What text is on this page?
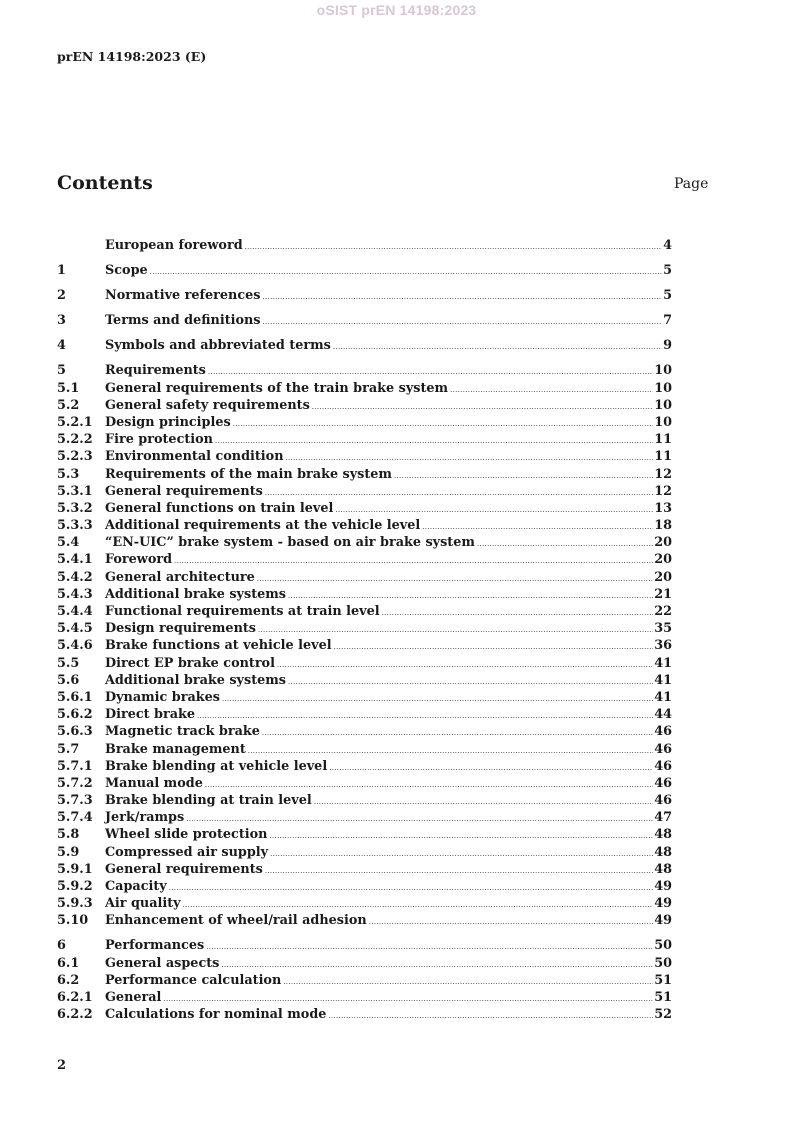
oSIST prEN 14198:2023
prEN 14198:2023 (E)
Contents	Page
European foreword .....	4
1	Scope .....	5
2	Normative references .....	5
3	Terms and definitions .....	7
4	Symbols and abbreviated terms .....	9
5	Requirements .....	10
5.1	General requirements of the train brake system .....	10
5.2	General safety requirements .....	10
5.2.1 Design principles .....	10
5.2.2 Fire protection .....	11
5.2.3 Environmental condition .....	11
5.3	Requirements of the main brake system .....	12
5.3.1 General requirements .....	12
5.3.2 General functions on train level .....	13
5.3.3 Additional requirements at the vehicle level .....	18
5.4	“EN-UIC” brake system - based on air brake system .....	20
5.4.1 Foreword .....	20
5.4.2 General architecture .....	20
5.4.3 Additional brake systems .....	21
5.4.4 Functional requirements at train level .....	22
5.4.5 Design requirements .....	35
5.4.6 Brake functions at vehicle level .....	36
5.5	Direct EP brake control .....	41
5.6	Additional brake systems .....	41
5.6.1 Dynamic brakes .....	41
5.6.2 Direct brake .....	44
5.6.3 Magnetic track brake .....	46
5.7	Brake management .....	46
5.7.1 Brake blending at vehicle level .....	46
5.7.2 Manual mode .....	46
5.7.3 Brake blending at train level .....	46
5.7.4 Jerk/ramps .....	47
5.8	Wheel slide protection .....	48
5.9	Compressed air supply .....	48
5.9.1 General requirements .....	48
5.9.2 Capacity .....	49
5.9.3 Air quality .....	49
5.10	Enhancement of wheel/rail adhesion .....	49
6	Performances .....	50
6.1	General aspects .....	50
6.2	Performance calculation .....	51
6.2.1 General .....	51
6.2.2 Calculations for nominal mode .....	52
2
